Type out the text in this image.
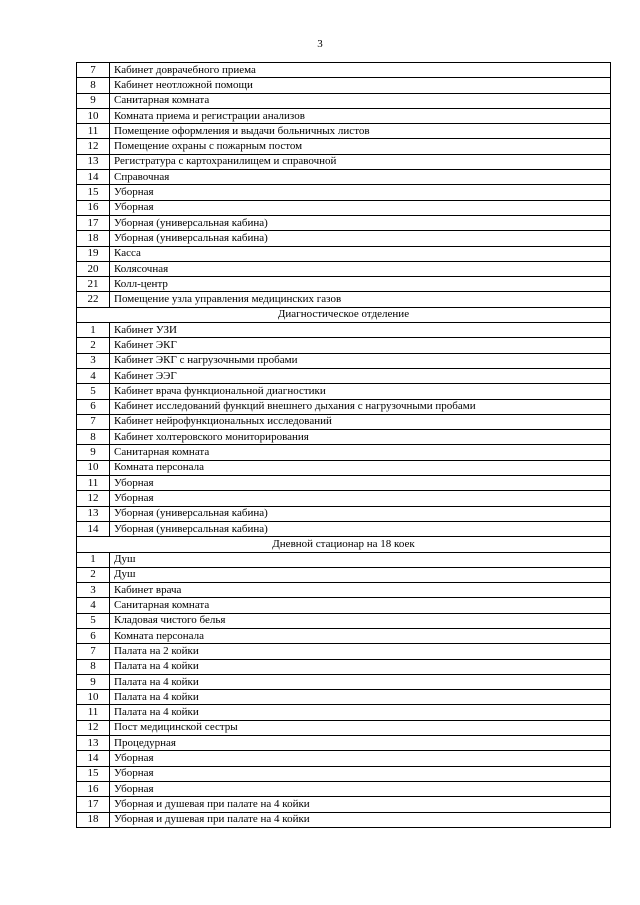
3
7	Кабинет доврачебного приема
8	Кабинет неотложной помощи
9	Санитарная комната
10	Комната приема и регистрации анализов
11	Помещение оформления и выдачи больничных листов
12	Помещение охраны с пожарным постом
13	Регистратура с картохранилищем и справочной
14	Справочная
15	Уборная
16	Уборная
17	Уборная (универсальная кабина)
18	Уборная (универсальная кабина)
19	Касса
20	Колясочная
21	Колл-центр
22	Помещение узла управления медицинских газов
Диагностическое отделение	
1	Кабинет УЗИ
2	Кабинет ЭКГ
3	Кабинет ЭКГ с нагрузочными пробами
4	Кабинет ЭЭГ
5	Кабинет врача функциональной диагностики
6	Кабинет исследований функций внешнего дыхания с нагрузочными пробами
7	Кабинет нейрофункциональных исследований
8	Кабинет холтеровского мониторирования
9	Санитарная комната
10	Комната персонала
11	Уборная
12	Уборная
13	Уборная (универсальная кабина)
14	Уборная (универсальная кабина)
Дневной стационар на 18 коек	
1	Душ
2	Душ
3	Кабинет врача
4	Санитарная комната
5	Кладовая чистого белья
6	Комната персонала
7	Палата на 2 койки
8	Палата на 4 койки
9	Палата на 4 койки
10	Палата на 4 койки
11	Палата на 4 койки
12	Пост медицинской сестры
13	Процедурная
14	Уборная
15	Уборная
16	Уборная
17	Уборная и душевая при палате на 4 койки
18	Уборная и душевая при палате на 4 койки
